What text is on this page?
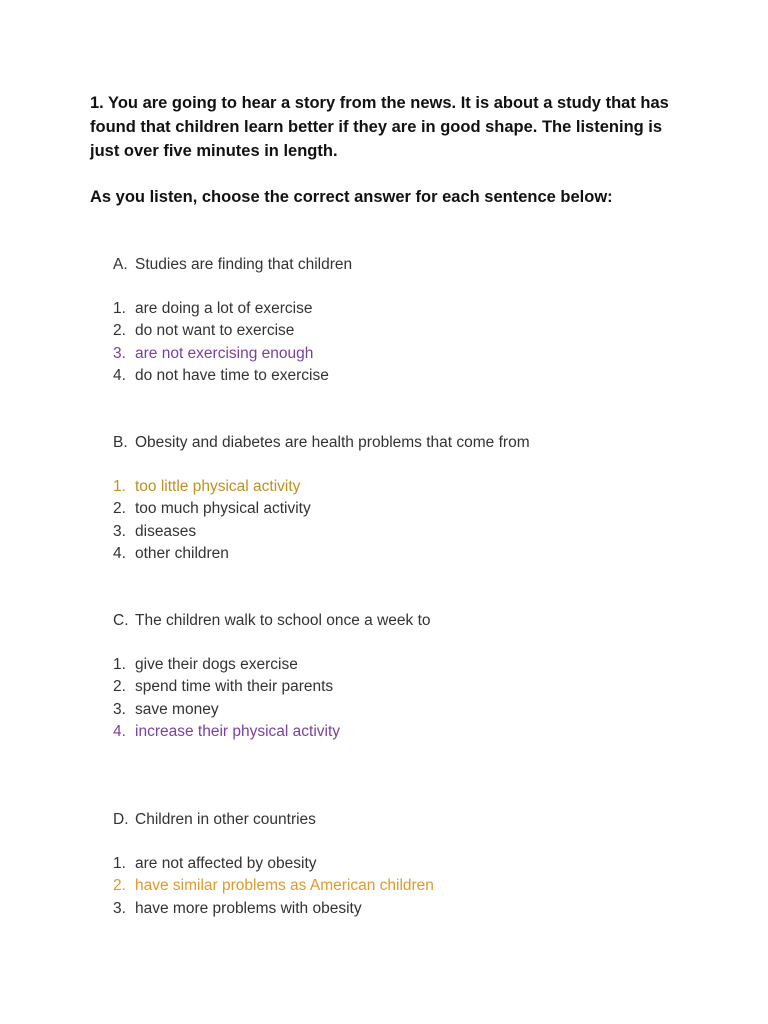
1. You are going to hear a story from the news. It is about a study that has found that children learn better if they are in good shape. The listening is just over five minutes in length.
As you listen, choose the correct answer for each sentence below:
A. Studies are finding that children
1. are doing a lot of exercise
2. do not want to exercise
3. are not exercising enough
4. do not have time to exercise
B. Obesity and diabetes are health problems that come from
1. too little physical activity
2. too much physical activity
3. diseases
4. other children
C. The children walk to school once a week to
1. give their dogs exercise
2. spend time with their parents
3. save money
4. increase their physical activity
D. Children in other countries
1. are not affected by obesity
2. have similar problems as American children
3. have more problems with obesity
